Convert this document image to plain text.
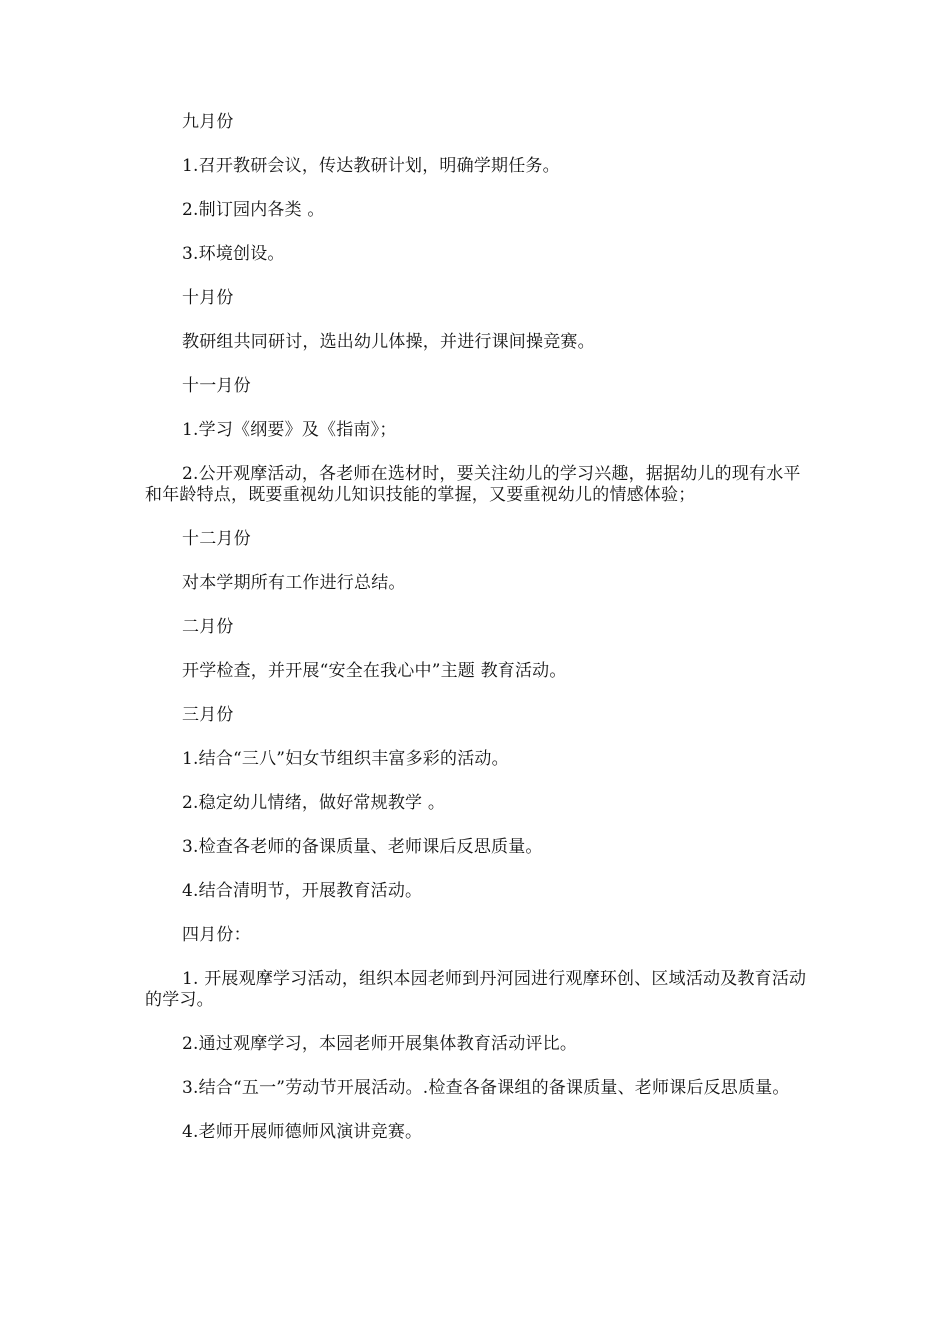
九月份

1.召开教研会议，传达教研计划，明确学期任务。

2.制订园内各类 。

3.环境创设。

十月份

教研组共同研讨，选出幼儿体操，并进行课间操竞赛。

十一月份

1.学习《纲要》及《指南》；

2.公开观摩活动，各老师在选材时，要关注幼儿的学习兴趣，据据幼儿的现有水平和年龄特点，既要重视幼儿知识技能的掌握，又要重视幼儿的情感体验；

十二月份

对本学期所有工作进行总结。

二月份

开学检查，并开展“安全在我心中”主题 教育活动。

三月份

1.结合“三八”妇女节组织丰富多彩的活动。

2.稳定幼儿情绪，做好常规教学 。

3.检查各老师的备课质量、老师课后反思质量。

4.结合清明节，开展教育活动。

四月份：

1. 开展观摩学习活动，组织本园老师到丹河园进行观摩环创、区域活动及教育活动的学习。

2.通过观摩学习，本园老师开展集体教育活动评比。

3.结合“五一”劳动节开展活动。.检查各备课组的备课质量、老师课后反思质量。

4.老师开展师德师风演讲竞赛。
